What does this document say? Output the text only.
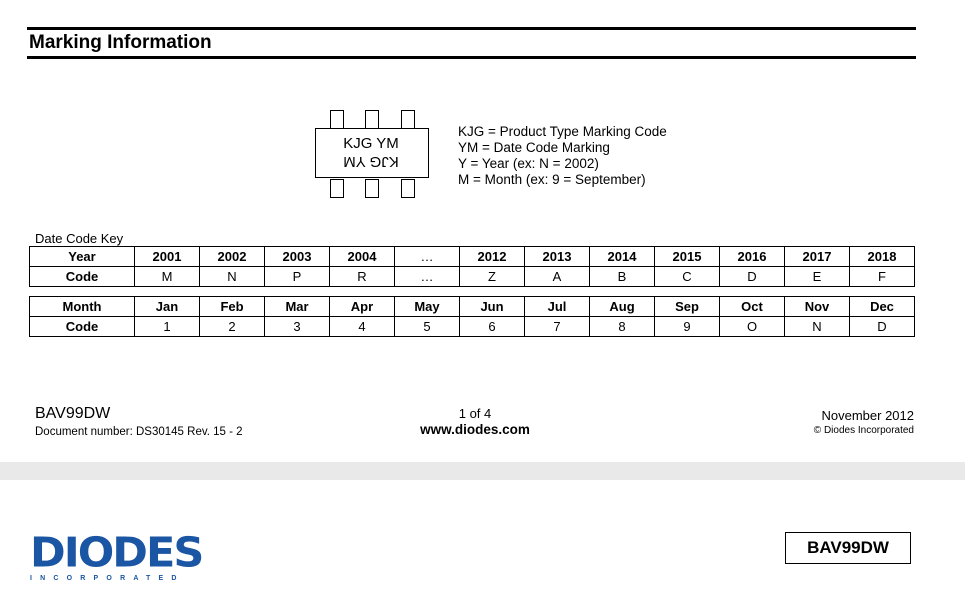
Marking Information
KJG YM
KJG YM
KJG = Product Type Marking Code
YM = Date Code Marking
Y = Year (ex: N = 2002)
M = Month (ex: 9 = September)
Date Code Key
Year	2001	2002	2003	2004	…	2012	2013	2014	2015	2016	2017	2018
Code	M	N	P	R	…	Z	A	B	C	D	E	F
Month	Jan	Feb	Mar	Apr	May	Jun	Jul	Aug	Sep	Oct	Nov	Dec
Code	1	2	3	4	5	6	7	8	9	O	N	D
BAV99DW
Document number: DS30145 Rev. 15 - 2
1 of 4
www.diodes.com
November 2012
© Diodes Incorporated
DIODES
INCORPORATED
BAV99DW
